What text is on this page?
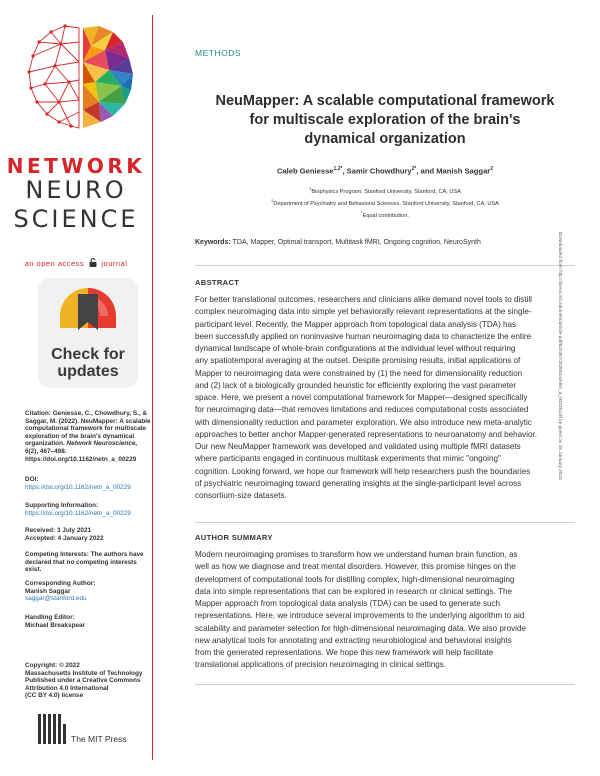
NETWORK
NEURO
SCIENCE
an open access journal
Check for
updates
Citation: Geniesse, C., Chowdhury, S., & Saggar, M. (2022). NeuMapper: A scalable computational framework for multiscale exploration of the brain's dynamical organization. Network Neuroscience, 6(2), 467–498. https://doi.org/10.1162/netn_a_00229
DOI:
https://doi.org/10.1162/netn_a_00229
Supporting Information:
https://doi.org/10.1162/netn_a_00229
Received: 3 July 2021
Accepted: 4 January 2022
Competing Interests: The authors have declared that no competing interests exist.
Corresponding Author:
Manish Saggar
saggar@stanford.edu
Handling Editor:
Michael Breakspear
Copyright: © 2022
Massachusetts Institute of Technology
Published under a Creative Commons
Attribution 4.0 International
(CC BY 4.0) license
The MIT Press
METHODS
NeuMapper: A scalable computational framework
for multiscale exploration of the brain's
dynamical organization
Caleb Geniesse$^{1,2*}$, Samir Chowdhury$^{2*}$, and Manish Saggar$^2$
$^1$Biophysics Program, Stanford University, Stanford, CA, USA
$^2$Department of Psychiatry and Behavioral Sciences, Stanford University, Stanford, CA, USA
*Equal contribution.
Keywords: TDA, Mapper, Optimal transport, Multitask fMRI, Ongoing cognition, NeuroSynth
ABSTRACT
For better translational outcomes, researchers and clinicians alike demand novel tools to distill
complex neuroimaging data into simple yet behaviorally relevant representations at the single-
participant level. Recently, the Mapper approach from topological data analysis (TDA) has
been successfully applied on noninvasive human neuroimaging data to characterize the entire
dynamical landscape of whole-brain configurations at the individual level without requiring
any spatiotemporal averaging at the outset. Despite promising results, initial applications of
Mapper to neuroimaging data were constrained by (1) the need for dimensionality reduction
and (2) lack of a biologically grounded heuristic for efficiently exploring the vast parameter
space. Here, we present a novel computational framework for Mapper—designed specifically
for neuroimaging data—that removes limitations and reduces computational costs associated
with dimensionality reduction and parameter exploration. We also introduce new meta-analytic
approaches to better anchor Mapper-generated representations to neuroanatomy and behavior.
Our new NeuMapper framework was developed and validated using multiple fMRI datasets
where participants engaged in continuous multitask experiments that mimic "ongoing"
cognition. Looking forward, we hope our framework will help researchers push the boundaries
of psychiatric neuroimaging toward generating insights at the single-participant level across
consortium-size datasets.
AUTHOR SUMMARY
Modern neuroimaging promises to transform how we understand human brain function, as
well as how we diagnose and treat mental disorders. However, this promise hinges on the
development of computational tools for distilling complex, high-dimensional neuroimaging
data into simple representations that can be explored in research or clinical settings. The
Mapper approach from topological data analysis (TDA) can be used to generate such
representations. Here, we introduce several improvements to the underlying algorithm to aid
scalability and parameter selection for high-dimensional neuroimaging data. We also provide
new analytical tools for annotating and extracting neurobiological and behavioral insights
from the generated representations. We hope this new framework will help facilitate
translational applications of precision neuroimaging in clinical settings.
Downloaded from http://direct.mit.edu/netn/article-pdf/6/2/467/2028014/netn_a_00229.pdf by guest on 15 January 2023
